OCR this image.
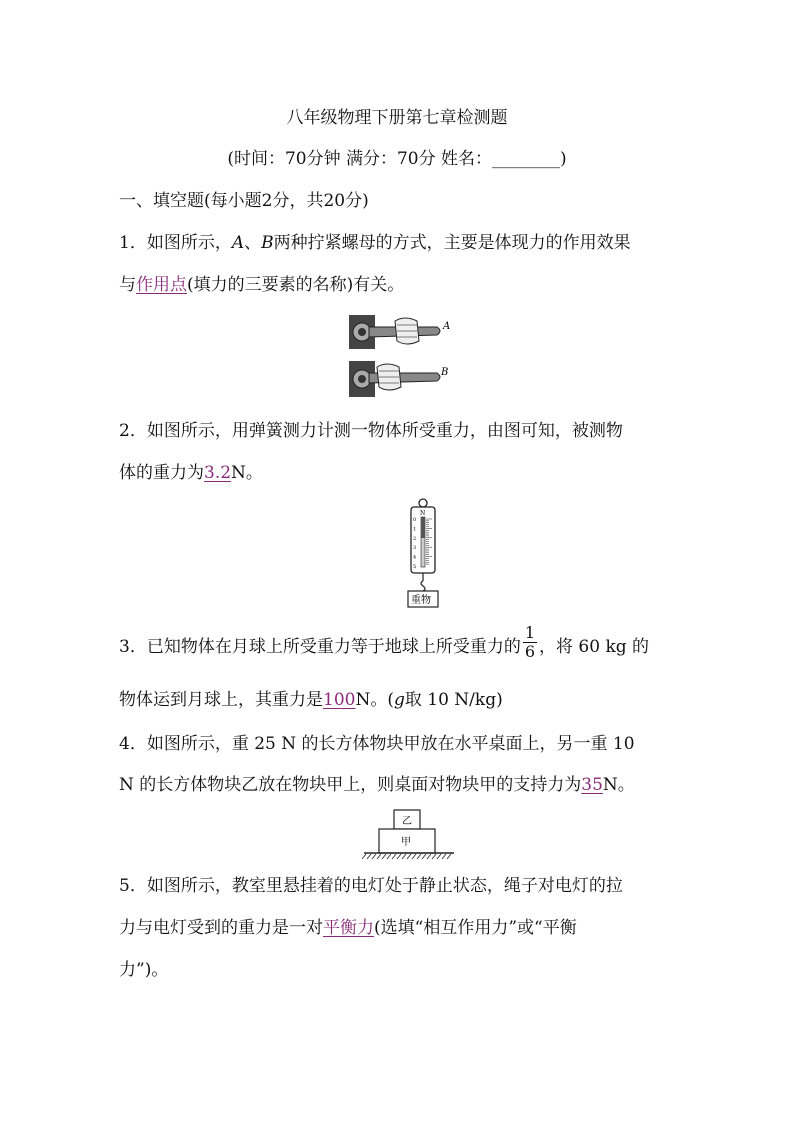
八年级物理下册第七章检测题
(时间：70分钟 满分：70分 姓名：________)
一、填空题(每小题2分，共20分)
1．如图所示，A、B两种拧紧螺母的方式，主要是体现力的作用效果
与作用点(填力的三要素的名称)有关。
A
B
2．如图所示，用弹簧测力计测一物体所受重力，由图可知，被测物
体的重力为3.2N。
N
0
1
2
3
4
5
重物
3．已知物体在月球上所受重力等于地球上所受重力的 $\frac{1}{6}$ ，将 60 kg 的
物体运到月球上，其重力是100N。(g取 10 N/kg)
4．如图所示，重 25 N 的长方体物块甲放在水平桌面上，另一重 10
N 的长方体物块乙放在物块甲上，则桌面对物块甲的支持力为35N。
乙
甲
5．如图所示，教室里悬挂着的电灯处于静止状态，绳子对电灯的拉
力与电灯受到的重力是一对平衡力(选填“相互作用力”或“平衡
力”)。
